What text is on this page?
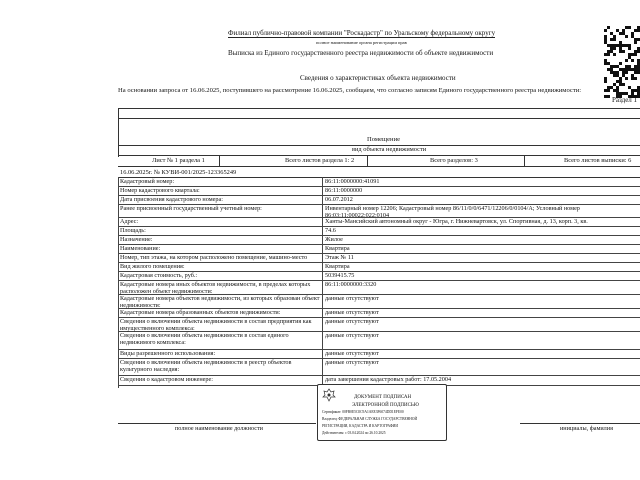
Филиал публично-правовой компании "Роскадастр" по Уральскому федеральному округу
полное наименование органа регистрации прав
Выписка из Единого государственного реестра недвижимости об объекте недвижимости
Сведения о характеристиках объекта недвижимости
На основании запроса от 16.06.2025, поступившего на рассмотрение 16.06.2025, сообщаем, что согласно записям Единого государственного реестра недвижимости:
Раздел 1
Помещение
вид объекта недвижимости
Лист № 1 раздела 1	Всего листов раздела 1: 2	Всего разделов: 3	Всего листов выписки: 6
16.06.2025г. № КУВИ-001/2025-123365249
Кадастровый номер:	86:11:0000000:41091
Номер кадастрового квартала:	86:11:0000000
Дата присвоения кадастрового номера:	06.07.2012
Ранее присвоенный государственный учетный номер:	Инвентарный номер 12206; Кадастровый номер 86/11/0/0/6471/12206/0/0104/А; Условный номер 86:03:11:00022:022:0104
Адрес:	Ханты-Мансийский автономный округ - Югра, г. Нижневартовск, ул. Спортивная, д. 13, корп. 3, кв.
Площадь:	74.6
Назначение:	Жилое
Наименование:	Квартира
Номер, тип этажа, на котором расположено помещение, машино-место	Этаж № 11
Вид жилого помещения:	Квартира
Кадастровая стоимость, руб.:	5039415.75
Кадастровые номера иных объектов недвижимости, в пределах которых расположен объект недвижимости:
86:11:0000000:3320
Кадастровые номера объектов недвижимости, из которых образован объект недвижимости:
данные отсутствуют
Кадастровые номера образованных объектов недвижимости:	данные отсутствуют
Сведения о включении объекта недвижимости в состав предприятия как имущественного комплекса:
данные отсутствуют
Сведения о включении объекта недвижимости в состав единого недвижимого комплекса:
данные отсутствуют
Виды разрешенного использования:	данные отсутствуют
Сведения о включении объекта недвижимости в реестр объектов культурного наследия:
данные отсутствуют
Сведения о кадастровом инженере:	дата завершения кадастровых работ: 17.05.2004
полное наименование должности	инициалы, фамилия
ДОКУМЕНТ ПОДПИСАН
ЭЛЕКТРОННОЙ ПОДПИСЬЮ
Сертификат: 00FB0E5C0C9A1AEE3F6074DD1EFE00
Владелец: ФЕДЕРАЛЬНАЯ СЛУЖБА ГОСУДАРСТВЕННОЙ
РЕГИСТРАЦИИ, КАДАСТРА И КАРТОГРАФИИ
Действителен: с 03.04.2024 по 26.10.2025
